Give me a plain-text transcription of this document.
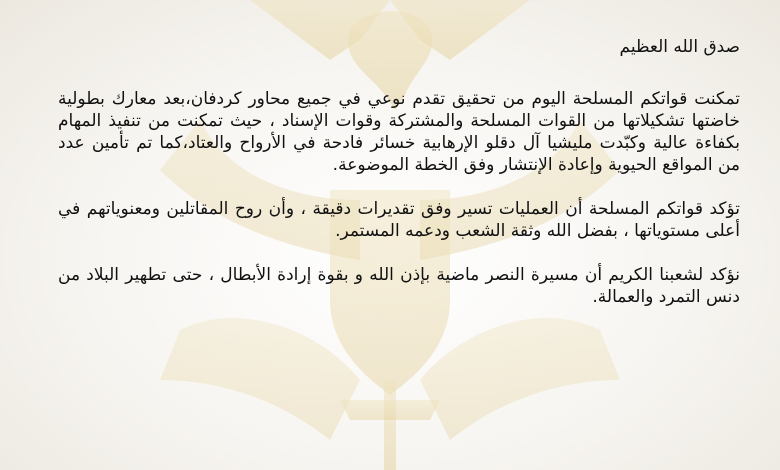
صدق الله العظيم

تمكنت قواتكم المسلحة اليوم من تحقيق تقدم نوعي في جميع محاور كردفان،بعد معارك بطولية خاضتها تشكيلاتها من القوات المسلحة والمشتركة وقوات الإسناد ، حيث تمكنت من تنفيذ المهام بكفاءة عالية وكبّدت مليشيا آل دقلو الإرهابية خسائر فادحة في الأرواح والعتاد،كما تم تأمين عدد من المواقع الحيوية وإعادة الإنتشار وفق الخطة الموضوعة.

تؤكد قواتكم المسلحة أن العمليات تسير وفق تقديرات دقيقة ، وأن روح المقاتلين ومعنوياتهم في أعلى مستوياتها ، بفضل الله وثقة الشعب ودعمه المستمر.

نؤكد لشعبنا الكريم أن مسيرة النصر ماضية بإذن الله و بقوة إرادة الأبطال ، حتى تطهير البلاد من دنس التمرد والعمالة.
